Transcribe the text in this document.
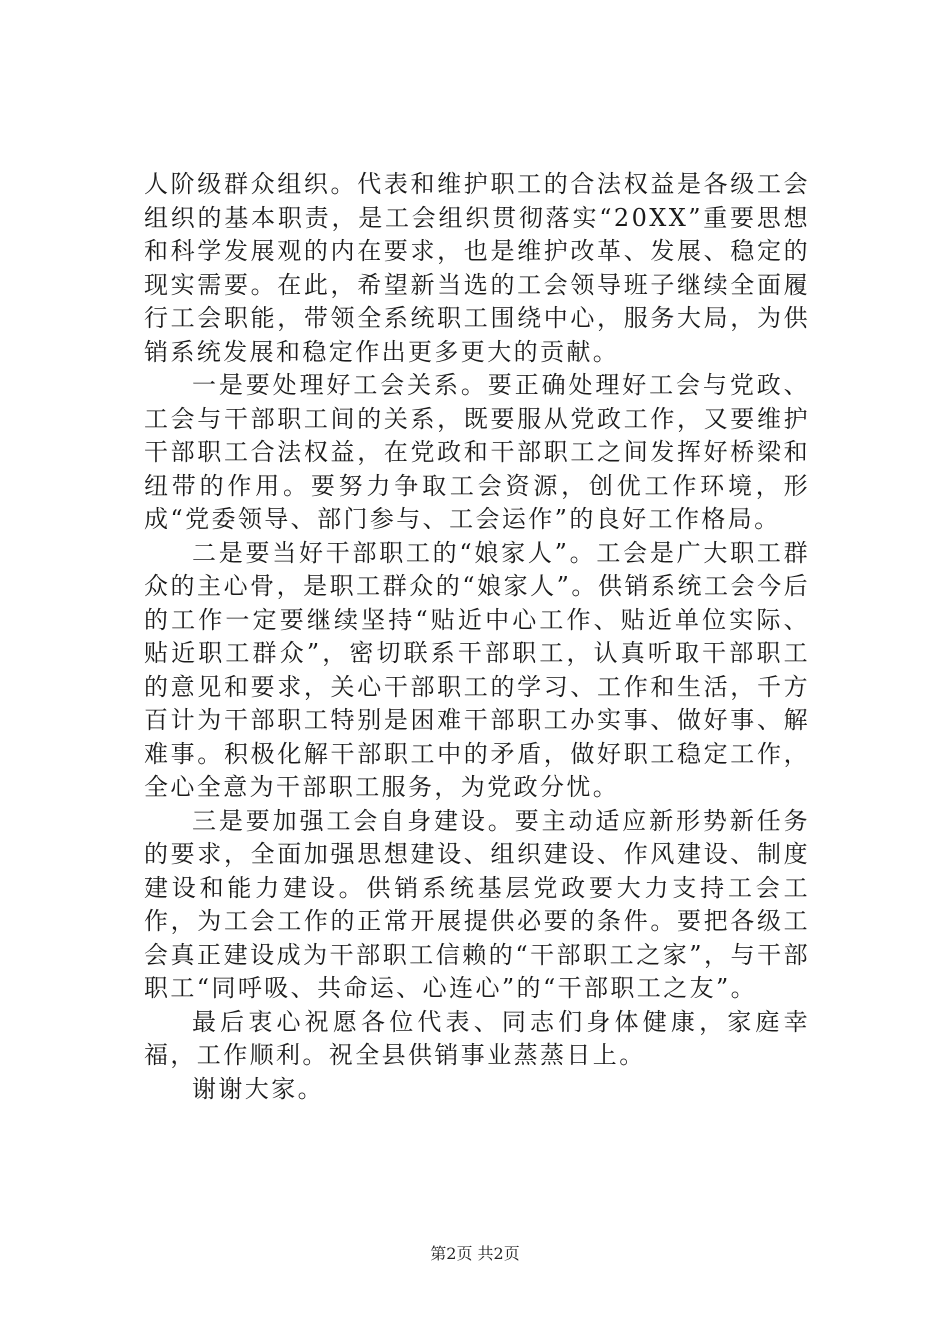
人阶级群众组织。代表和维护职工的合法权益是各级工会组织的基本职责，是工会组织贯彻落实“20XX”重要思想和科学发展观的内在要求，也是维护改革、发展、稳定的现实需要。在此，希望新当选的工会领导班子继续全面履行工会职能，带领全系统职工围绕中心，服务大局，为供销系统发展和稳定作出更多更大的贡献。

一是要处理好工会关系。要正确处理好工会与党政、工会与干部职工间的关系，既要服从党政工作，又要维护干部职工合法权益，在党政和干部职工之间发挥好桥梁和纽带的作用。要努力争取工会资源，创优工作环境，形成“党委领导、部门参与、工会运作”的良好工作格局。

二是要当好干部职工的“娘家人”。工会是广大职工群众的主心骨，是职工群众的“娘家人”。供销系统工会今后的工作一定要继续坚持“贴近中心工作、贴近单位实际、贴近职工群众”，密切联系干部职工，认真听取干部职工的意见和要求，关心干部职工的学习、工作和生活，千方百计为干部职工特别是困难干部职工办实事、做好事、解难事。积极化解干部职工中的矛盾，做好职工稳定工作，全心全意为干部职工服务，为党政分忧。

三是要加强工会自身建设。要主动适应新形势新任务的要求，全面加强思想建设、组织建设、作风建设、制度建设和能力建设。供销系统基层党政要大力支持工会工作，为工会工作的正常开展提供必要的条件。要把各级工会真正建设成为干部职工信赖的“干部职工之家”，与干部职工“同呼吸、共命运、心连心”的“干部职工之友”。

最后衷心祝愿各位代表、同志们身体健康，家庭幸福，工作顺利。祝全县供销事业蒸蒸日上。

谢谢大家。

第2页 共2页
